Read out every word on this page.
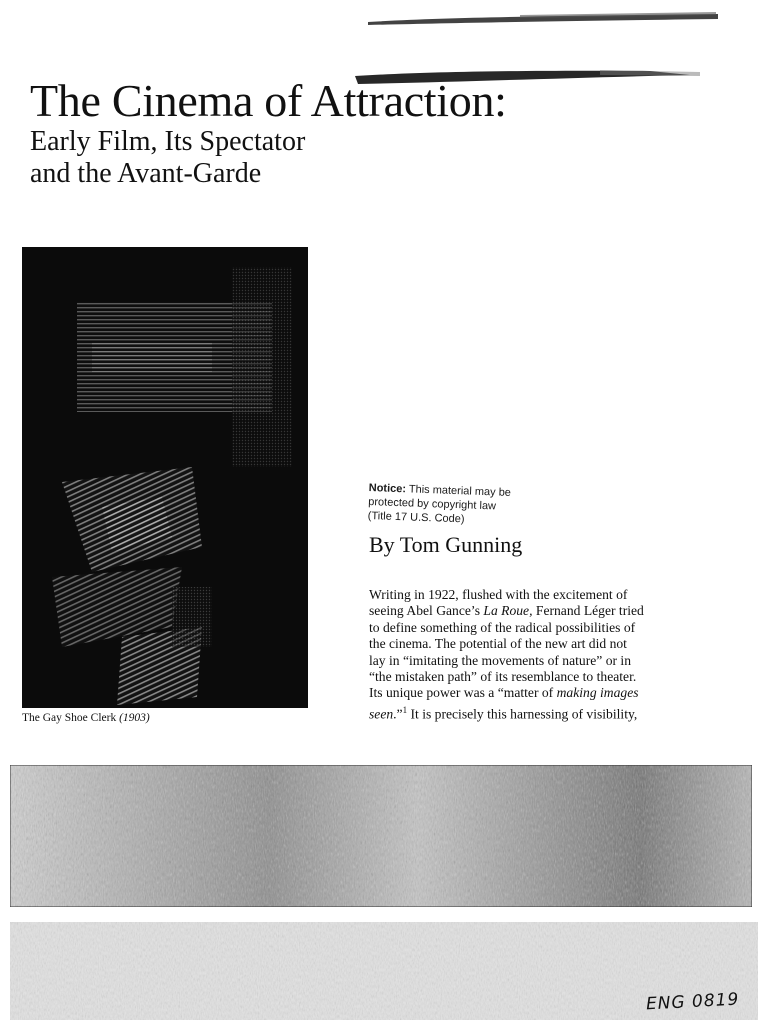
The Cinema of Attraction:
Early Film, Its Spectator
and the Avant-Garde
The Gay Shoe Clerk (1903)
Notice: This material may be
protected by copyright law
(Title 17 U.S. Code)
By Tom Gunning
Writing in 1922, flushed with the excitement of
seeing Abel Gance’s La Roue, Fernand Léger tried
to define something of the radical possibilities of
the cinema. The potential of the new art did not
lay in “imitating the movements of nature” or in
“the mistaken path” of its resemblance to theater.
Its unique power was a “matter of making images
seen.”$^1$ It is precisely this harnessing of visibility,
ENG 0819
